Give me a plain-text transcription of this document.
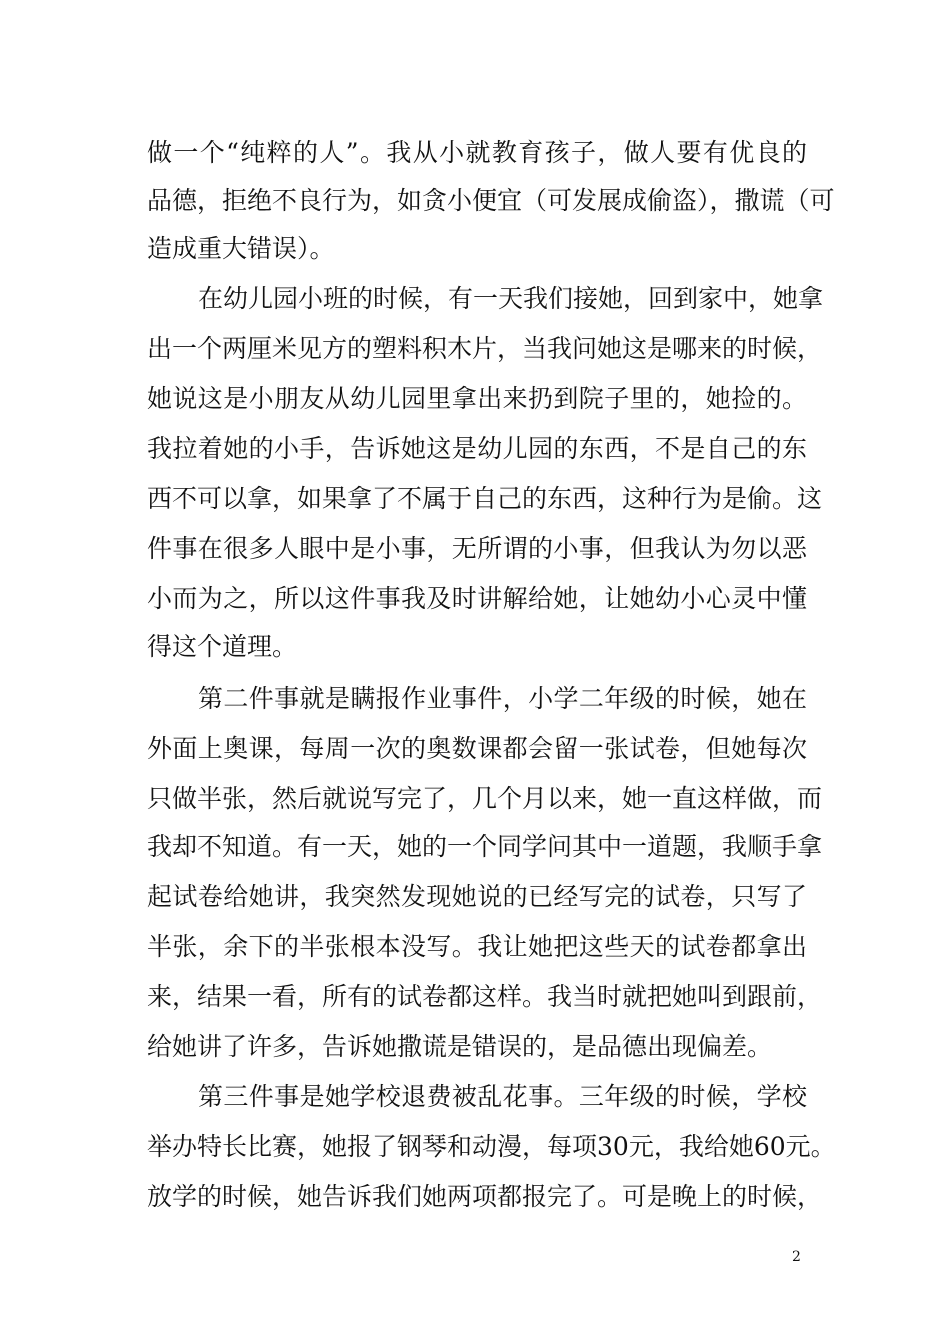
做一个“纯粹的人”。我从小就教育孩子，做人要有优良的
品德，拒绝不良行为，如贪小便宜（可发展成偷盗），撒谎（可
造成重大错误）。
在幼儿园小班的时候，有一天我们接她，回到家中，她拿
出一个两厘米见方的塑料积木片，当我问她这是哪来的时候，
她说这是小朋友从幼儿园里拿出来扔到院子里的，她捡的。
我拉着她的小手，告诉她这是幼儿园的东西，不是自己的东
西不可以拿，如果拿了不属于自己的东西，这种行为是偷。这
件事在很多人眼中是小事，无所谓的小事，但我认为勿以恶
小而为之，所以这件事我及时讲解给她，让她幼小心灵中懂
得这个道理。
第二件事就是瞒报作业事件，小学二年级的时候，她在
外面上奥课，每周一次的奥数课都会留一张试卷，但她每次
只做半张，然后就说写完了，几个月以来，她一直这样做，而
我却不知道。有一天，她的一个同学问其中一道题，我顺手拿
起试卷给她讲，我突然发现她说的已经写完的试卷，只写了
半张，余下的半张根本没写。我让她把这些天的试卷都拿出
来，结果一看，所有的试卷都这样。我当时就把她叫到跟前，
给她讲了许多，告诉她撒谎是错误的，是品德出现偏差。
第三件事是她学校退费被乱花事。三年级的时候，学校
举办特长比赛，她报了钢琴和动漫，每项30元，我给她60元。
放学的时候，她告诉我们她两项都报完了。可是晚上的时候，
2
